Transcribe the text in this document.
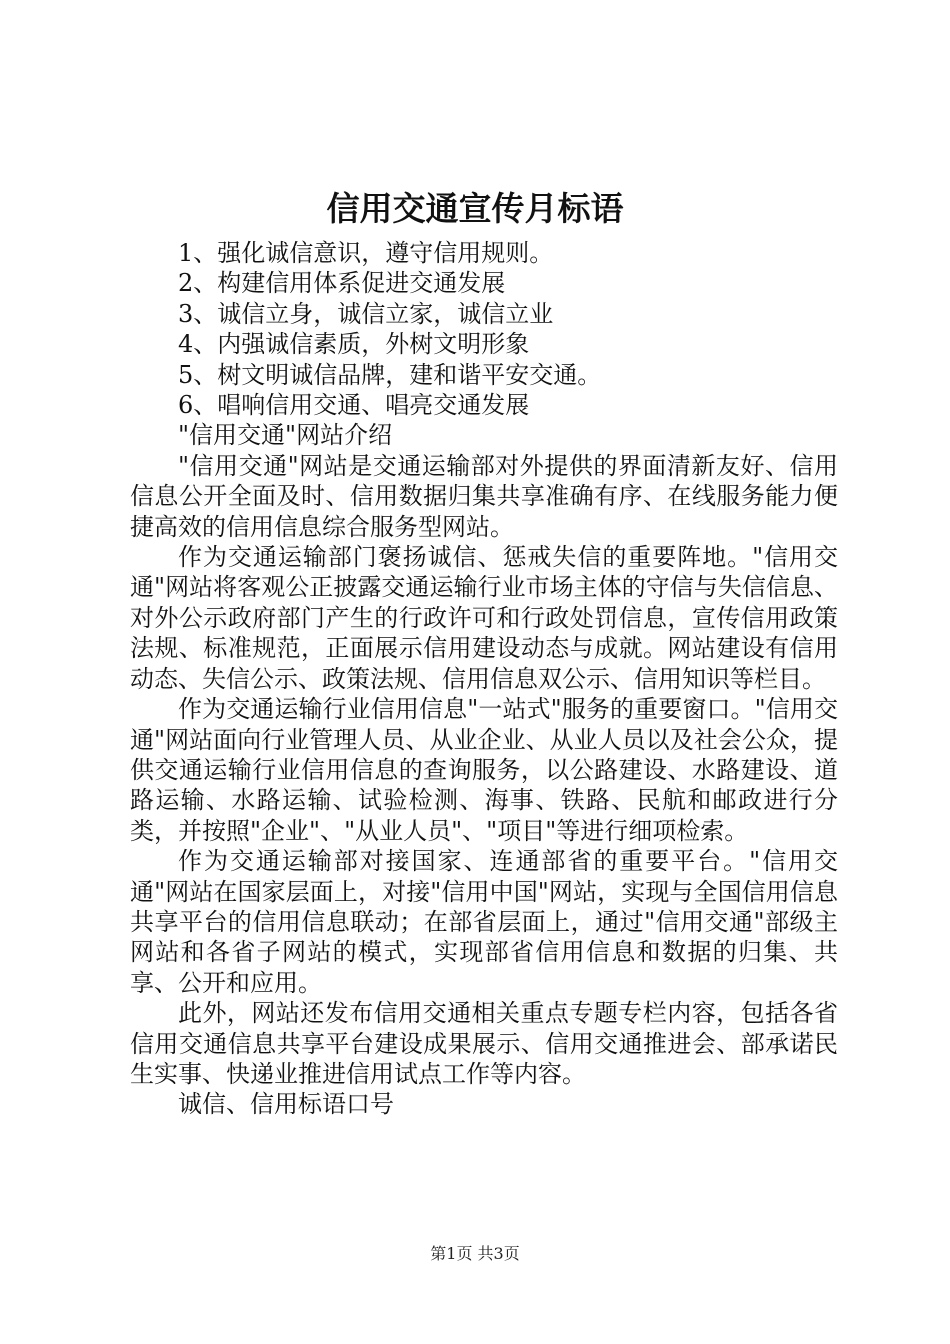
信用交通宣传月标语

1、强化诚信意识，遵守信用规则。

2、构建信用体系促进交通发展

3、诚信立身，诚信立家，诚信立业

4、内强诚信素质，外树文明形象

5、树文明诚信品牌，建和谐平安交通。

6、唱响信用交通、唱亮交通发展

"信用交通"网站介绍

"信用交通"网站是交通运输部对外提供的界面清新友好、信用信息公开全面及时、信用数据归集共享准确有序、在线服务能力便捷高效的信用信息综合服务型网站。

作为交通运输部门褒扬诚信、惩戒失信的重要阵地。"信用交通"网站将客观公正披露交通运输行业市场主体的守信与失信信息、对外公示政府部门产生的行政许可和行政处罚信息，宣传信用政策法规、标准规范，正面展示信用建设动态与成就。网站建设有信用动态、失信公示、政策法规、信用信息双公示、信用知识等栏目。

作为交通运输行业信用信息"一站式"服务的重要窗口。"信用交通"网站面向行业管理人员、从业企业、从业人员以及社会公众，提供交通运输行业信用信息的查询服务，以公路建设、水路建设、道路运输、水路运输、试验检测、海事、铁路、民航和邮政进行分类，并按照"企业"、"从业人员"、"项目"等进行细项检索。

作为交通运输部对接国家、连通部省的重要平台。"信用交通"网站在国家层面上，对接"信用中国"网站，实现与全国信用信息共享平台的信用信息联动；在部省层面上，通过"信用交通"部级主网站和各省子网站的模式，实现部省信用信息和数据的归集、共享、公开和应用。

此外，网站还发布信用交通相关重点专题专栏内容，包括各省信用交通信息共享平台建设成果展示、信用交通推进会、部承诺民生实事、快递业推进信用试点工作等内容。

诚信、信用标语口号

第1页 共3页
